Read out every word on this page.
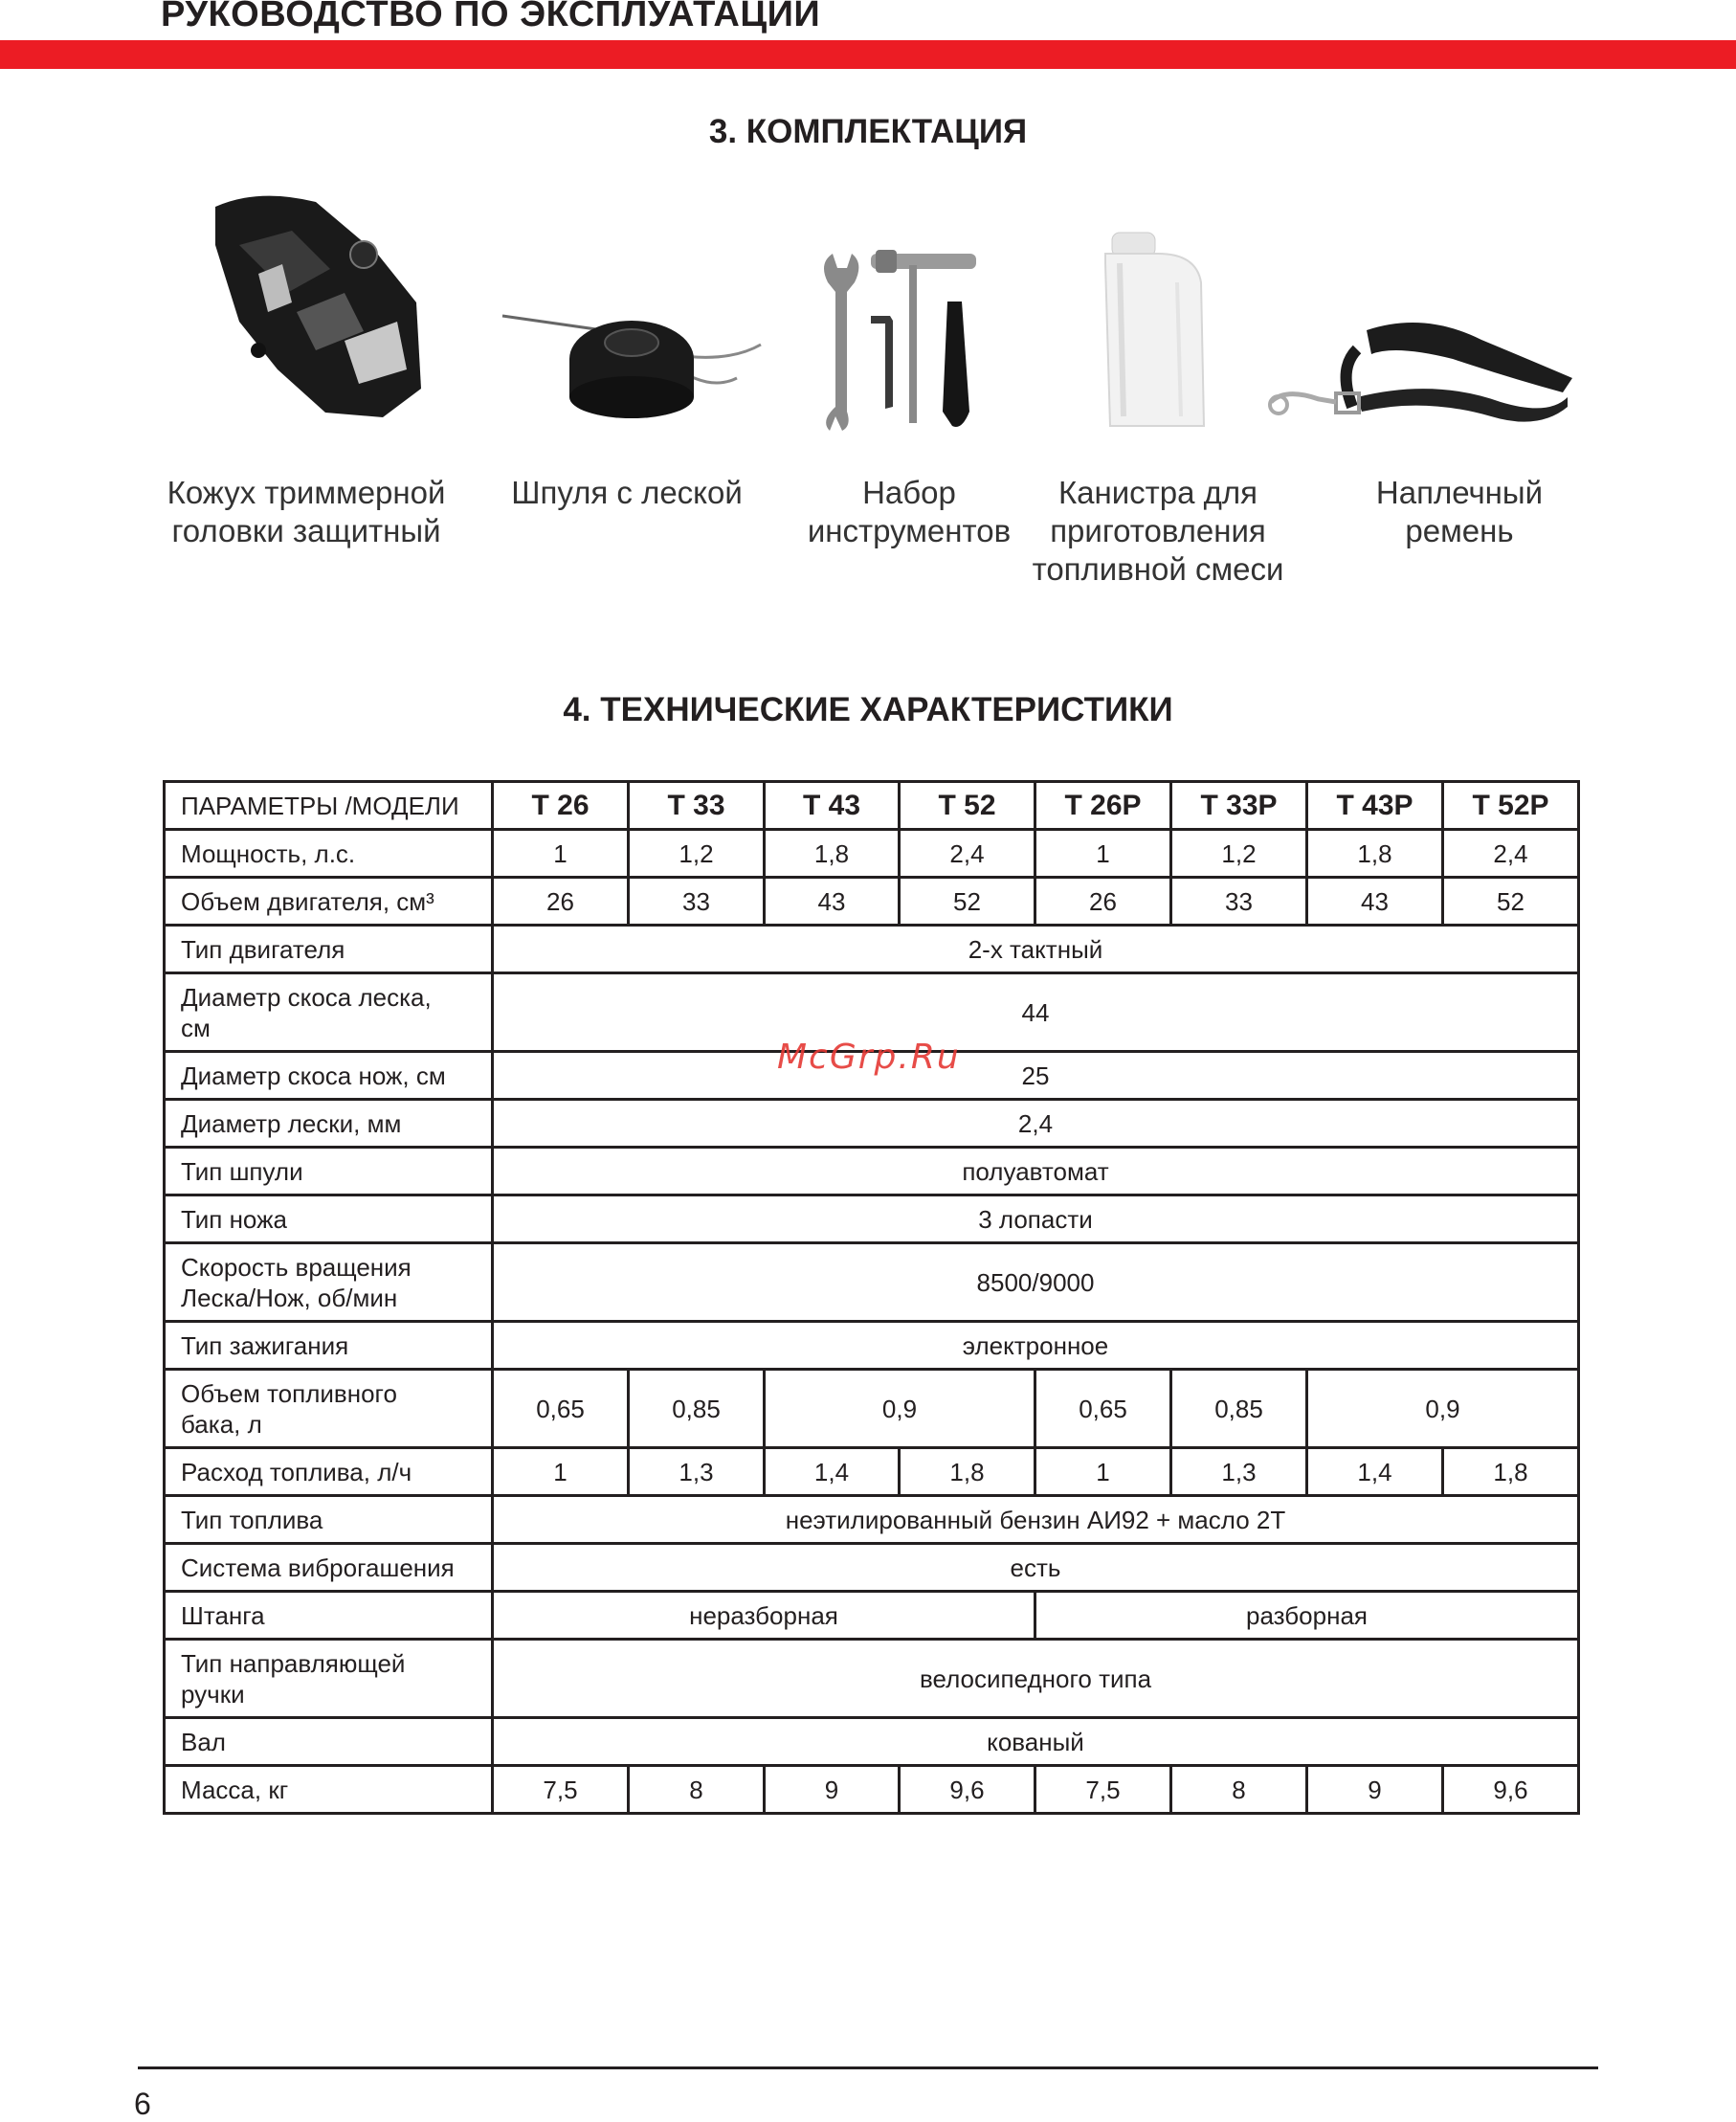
РУКОВОДСТВО ПО ЭКСПЛУАТАЦИИ
3. КОМПЛЕКТАЦИЯ
Кожух триммерной
головки защитный
Шпуля с леской	Набор
инструментов
Канистра для
приготовления
топливной смеси
Наплечный
ремень
4. ТЕХНИЧЕСКИЕ ХАРАКТЕРИСТИКИ
ПАРАМЕТРЫ /МОДЕЛИ	Т 26	Т 33	Т 43	Т 52	Т 26Р	Т 33Р	Т 43Р	Т 52Р

Мощность, л.с.	1	1,2	1,8	2,4	1	1,2	1,8	2,4

Объем двигателя, см³	26	33	43	52	26	33	43	52

Тип двигателя	2-х тактный							

Диаметр скоса леска,
см	44							

Диаметр скоса нож, см	25							

Диаметр лески, мм	2,4							

Тип шпули	полуавтомат							

Тип ножа	3 лопасти							

Скорость вращения
Леска/Нож, об/мин	8500/9000							

Тип зажигания	электронное							

Объем топливного
бака, л	0,65	0,85	0,9		0,65	0,85	0,9	

Расход топлива, л/ч	1	1,3	1,4	1,8	1	1,3	1,4	1,8

Тип топлива	неэтилированный бензин АИ92 + масло 2Т							

Система виброгашения	есть							

Штанга	неразборная				разборная			

Тип направляющей
ручки	велосипедного типа							

Вал	кованый							

Масса, кг	7,5	8	9	9,6	7,5	8	9	9,6
McGrp.Ru
6
